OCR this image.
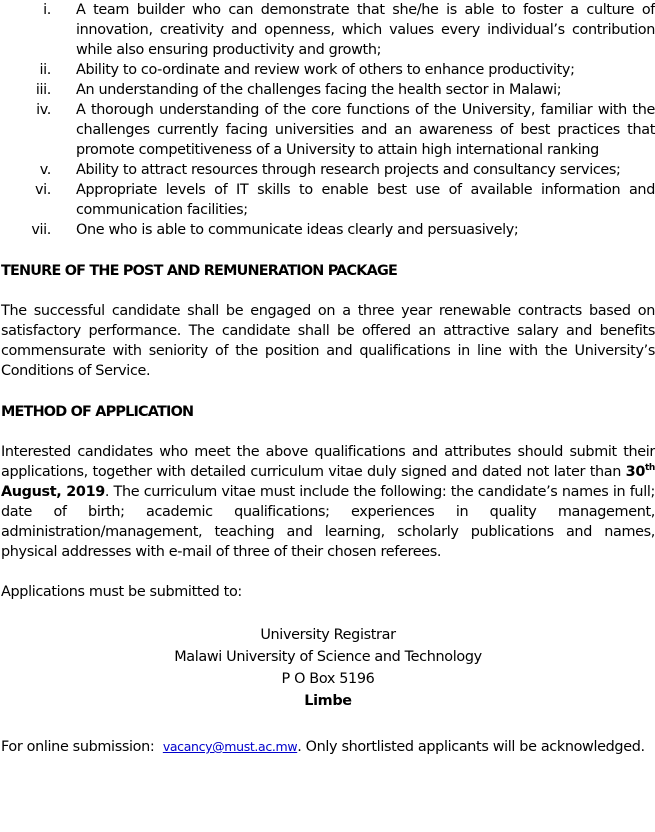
i. A team builder who can demonstrate that she/he is able to foster a culture of innovation, creativity and openness, which values every individual’s contribution while also ensuring productivity and growth;
ii. Ability to co-ordinate and review work of others to enhance productivity;
iii. An understanding of the challenges facing the health sector in Malawi;
iv. A thorough understanding of the core functions of the University, familiar with the challenges currently facing universities and an awareness of best practices that promote competitiveness of a University to attain high international ranking
v. Ability to attract resources through research projects and consultancy services;
vi. Appropriate levels of IT skills to enable best use of available information and communication facilities;
vii. One who is able to communicate ideas clearly and persuasively;
TENURE OF THE POST AND REMUNERATION PACKAGE

The successful candidate shall be engaged on a three year renewable contracts based on satisfactory performance. The candidate shall be offered an attractive salary and benefits commensurate with seniority of the position and qualifications in line with the University’s Conditions of Service.

METHOD OF APPLICATION

Interested candidates who meet the above qualifications and attributes should submit their applications, together with detailed curriculum vitae duly signed and dated not later than 30th August, 2019. The curriculum vitae must include the following: the candidate’s names in full; date of birth; academic qualifications; experiences in quality management, administration/management, teaching and learning, scholarly publications and names, physical addresses with e-mail of three of their chosen referees.

Applications must be submitted to:

University Registrar

Malawi University of Science and Technology

P O Box 5196

Limbe

For online submission:  vacancy@must.ac.mw. Only shortlisted applicants will be acknowledged.
